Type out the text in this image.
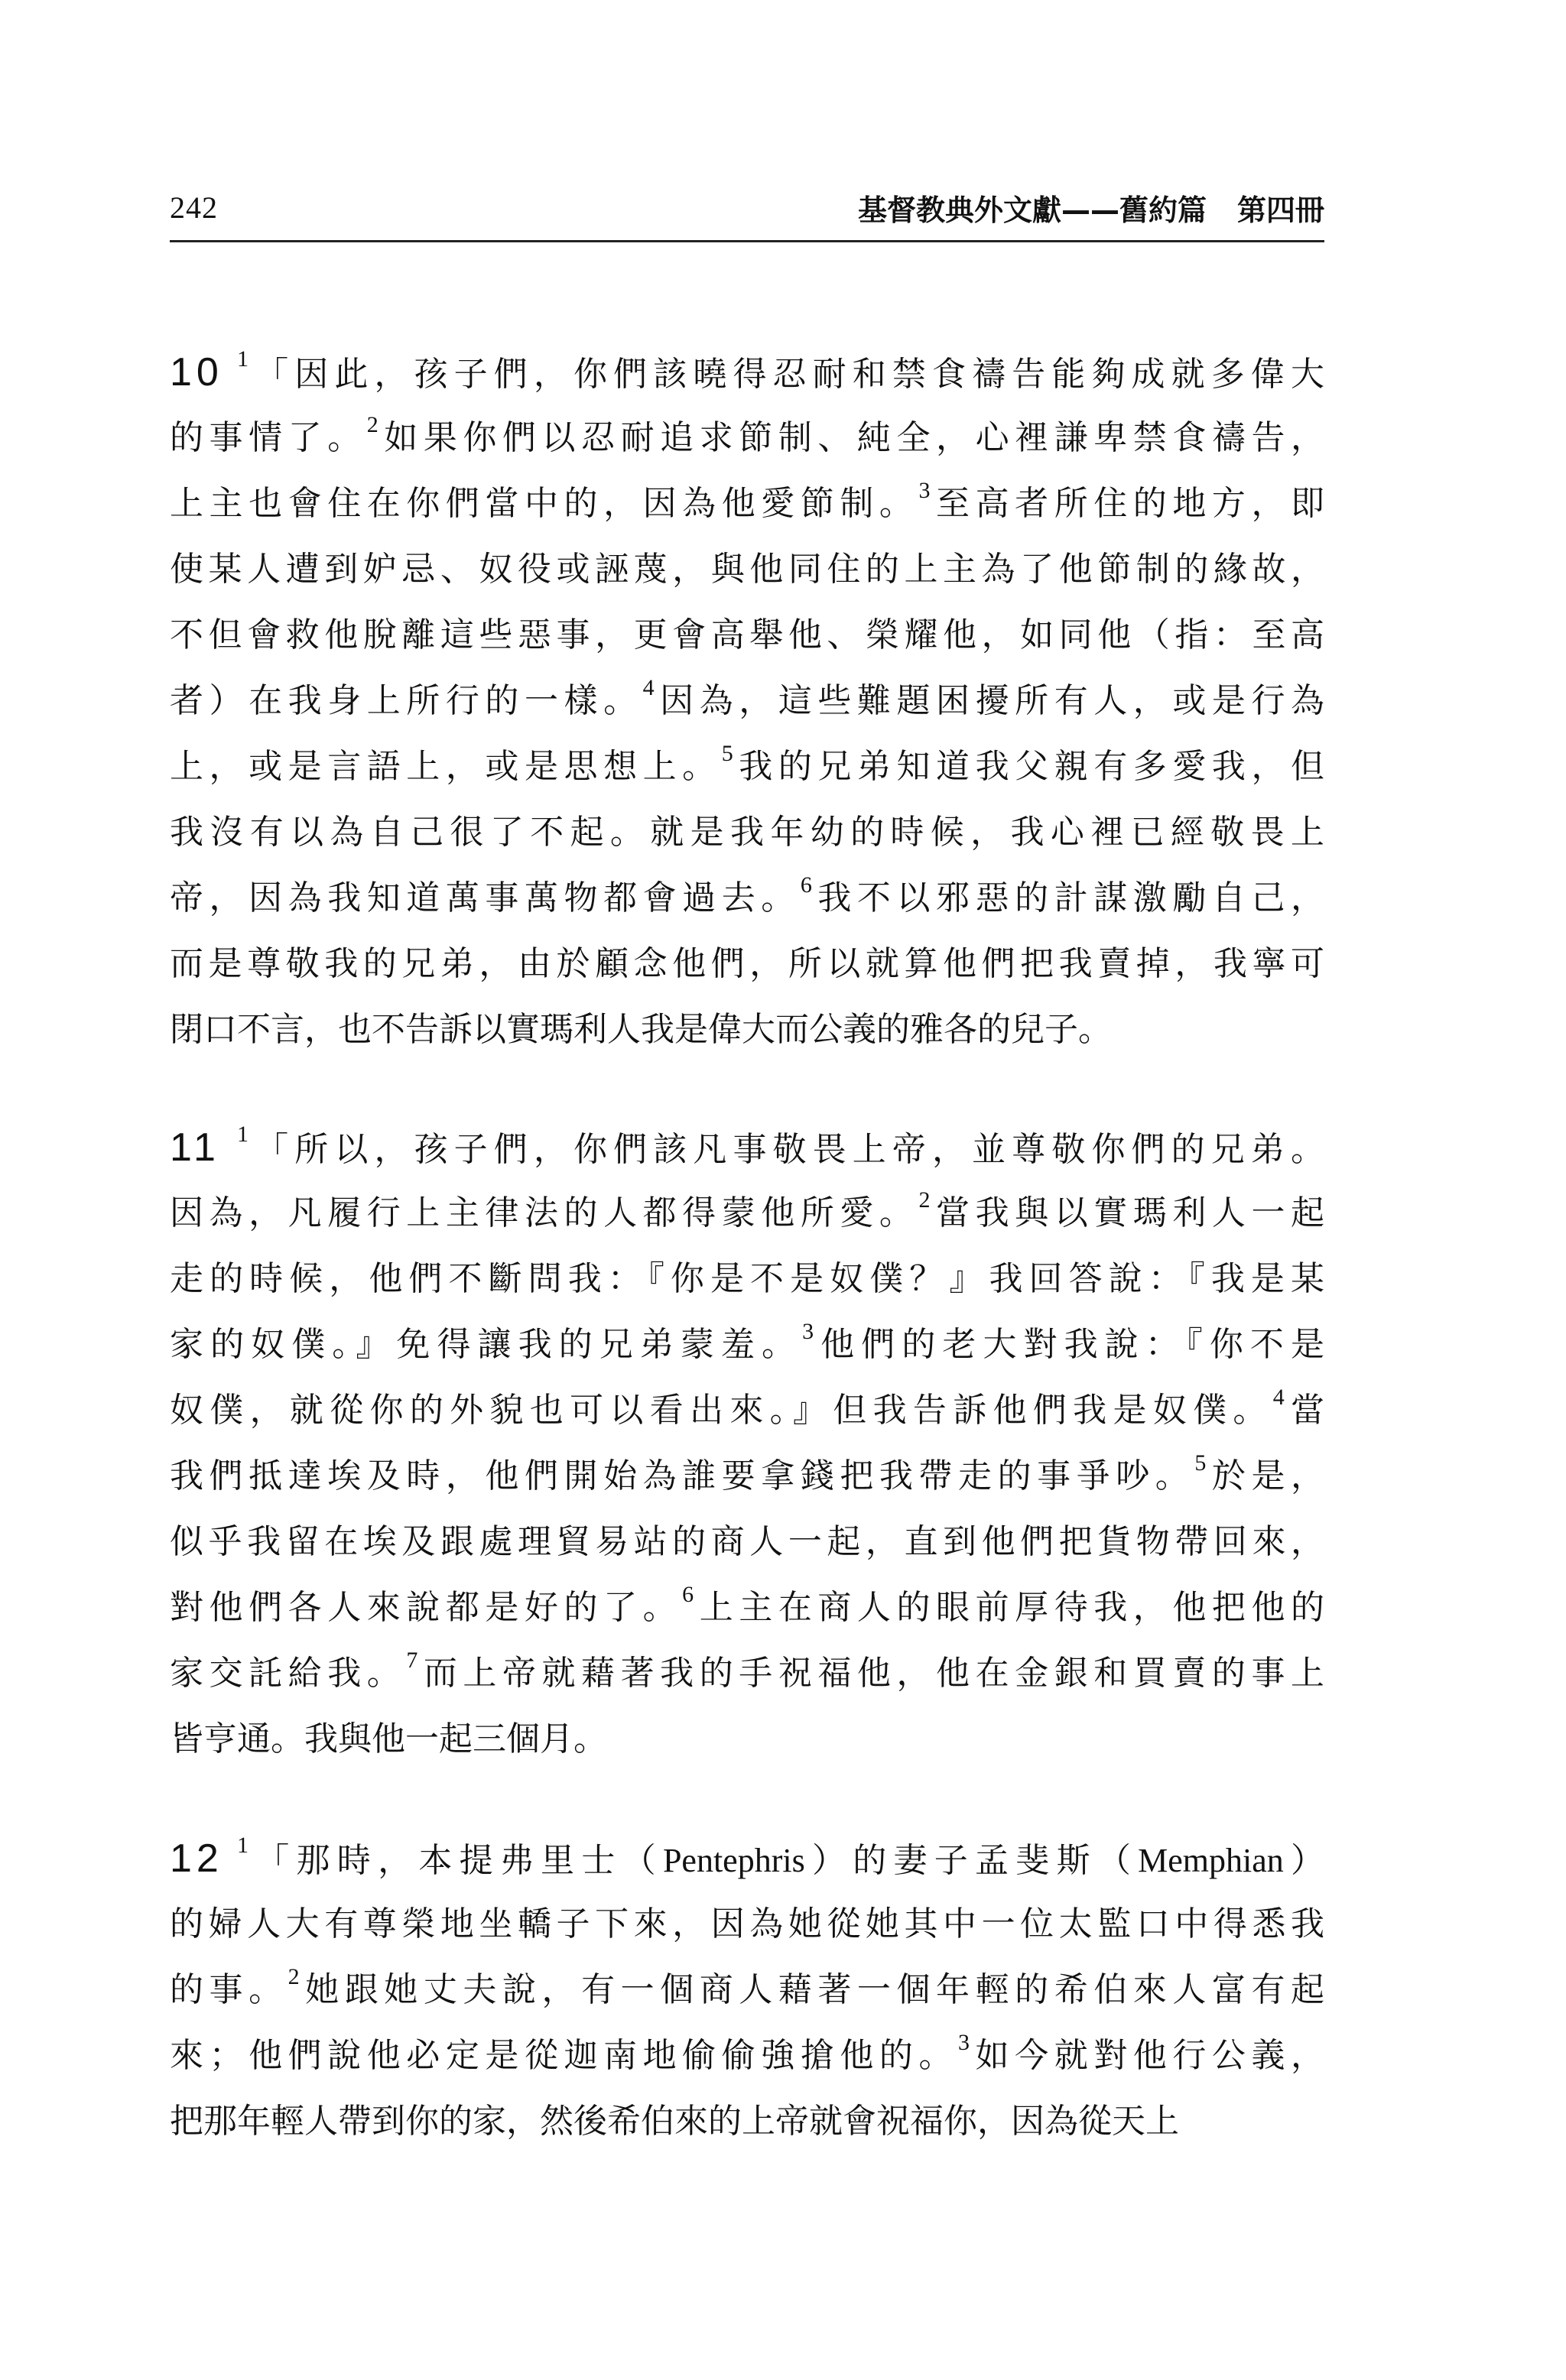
242	基督教典外文獻——舊約篇 第四冊
10 $^1$「因此，孩子們，你們該曉得忍耐和禁食禱告能夠成就多偉大
的事情了。$^2$如果你們以忍耐追求節制、純全，心裡謙卑禁食禱告，
上主也會住在你們當中的，因為他愛節制。$^3$至高者所住的地方，即
使某人遭到妒忌、奴役或誣蔑，與他同住的上主為了他節制的緣故，
不但會救他脫離這些惡事，更會高舉他、榮耀他，如同他（指：至高
者）在我身上所行的一樣。$^4$因為，這些難題困擾所有人，或是行為
上，或是言語上，或是思想上。$^5$我的兄弟知道我父親有多愛我，但
我沒有以為自己很了不起。就是我年幼的時候，我心裡已經敬畏上
帝，因為我知道萬事萬物都會過去。$^6$我不以邪惡的計謀激勵自己，
而是尊敬我的兄弟，由於顧念他們，所以就算他們把我賣掉，我寧可
閉口不言，也不告訴以實瑪利人我是偉大而公義的雅各的兒子。
11 $^1$「所以，孩子們，你們該凡事敬畏上帝，並尊敬你們的兄弟。
因為，凡履行上主律法的人都得蒙他所愛。$^2$當我與以實瑪利人一起
走的時候，他們不斷問我：『你是不是奴僕？』我回答說：『我是某
家的奴僕。』免得讓我的兄弟蒙羞。$^3$他們的老大對我說：『你不是
奴僕，就從你的外貌也可以看出來。』但我告訴他們我是奴僕。$^4$當
我們抵達埃及時，他們開始為誰要拿錢把我帶走的事爭吵。$^5$於是，
似乎我留在埃及跟處理貿易站的商人一起，直到他們把貨物帶回來，
對他們各人來說都是好的了。$^6$上主在商人的眼前厚待我，他把他的
家交託給我。$^7$而上帝就藉著我的手祝福他，他在金銀和買賣的事上
皆亨通。我與他一起三個月。
12 $^1$「那時，本提弗里士（Pentephris）的妻子孟斐斯（Memphian）
的婦人大有尊榮地坐轎子下來，因為她從她其中一位太監口中得悉我
的事。$^2$她跟她丈夫說，有一個商人藉著一個年輕的希伯來人富有起
來；他們說他必定是從迦南地偷偷強搶他的。$^3$如今就對他行公義，
把那年輕人帶到你的家，然後希伯來的上帝就會祝福你，因為從天上
